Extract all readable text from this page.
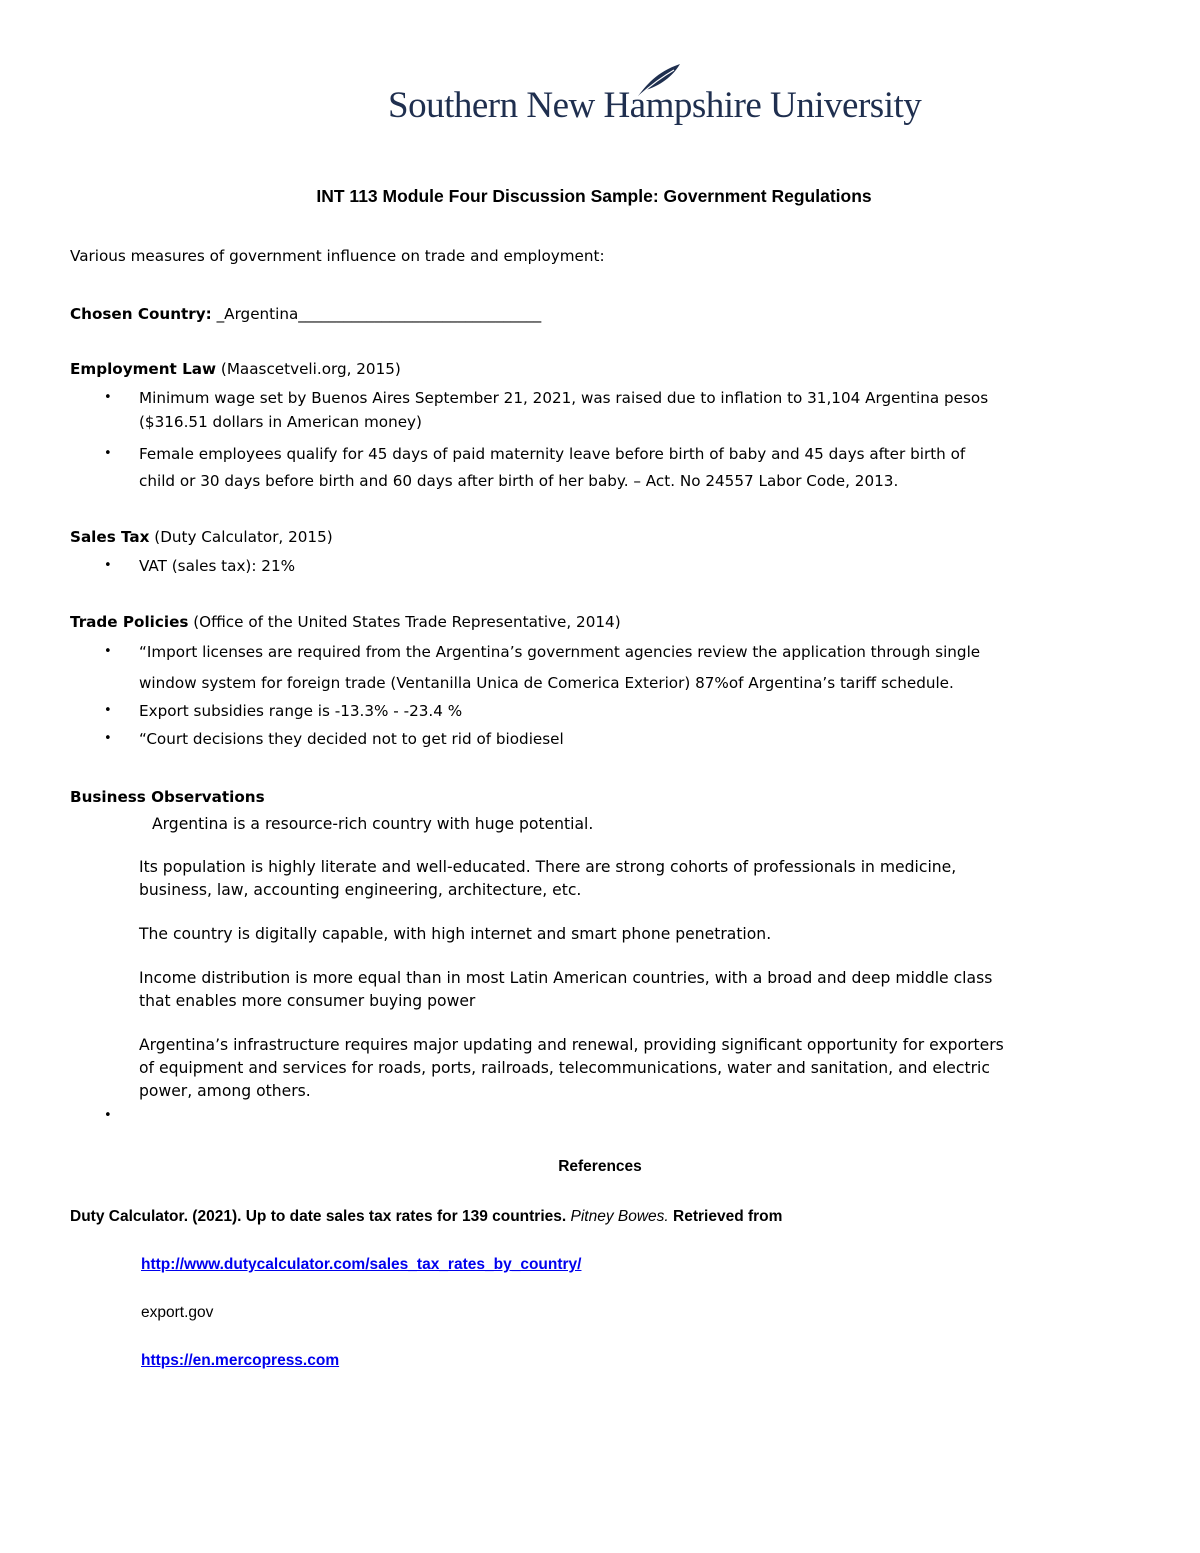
Southern New Hampshire University
INT 113 Module Four Discussion Sample: Government Regulations
Various measures of government influence on trade and employment:
Chosen Country: _Argentina________________________________
Employment Law (Maascetveli.org, 2015)
• Minimum wage set by Buenos Aires September 21, 2021, was raised due to inflation to 31,104 Argentina pesos
($316.51 dollars in American money)
• Female employees qualify for 45 days of paid maternity leave before birth of baby and 45 days after birth of
child or 30 days before birth and 60 days after birth of her baby. – Act. No 24557 Labor Code, 2013.
Sales Tax (Duty Calculator, 2015)
• VAT (sales tax): 21%
Trade Policies (Office of the United States Trade Representative, 2014)
• “Import licenses are required from the Argentina’s government agencies review the application through single
window system for foreign trade (Ventanilla Unica de Comerica Exterior) 87%of Argentina’s tariff schedule.
• Export subsidies range is -13.3% - -23.4 %
• “Court decisions they decided not to get rid of biodiesel
Business Observations
Argentina is a resource-rich country with huge potential.
Its population is highly literate and well-educated. There are strong cohorts of professionals in medicine,
business, law, accounting engineering, architecture, etc.
The country is digitally capable, with high internet and smart phone penetration.
Income distribution is more equal than in most Latin American countries, with a broad and deep middle class
that enables more consumer buying power
Argentina’s infrastructure requires major updating and renewal, providing significant opportunity for exporters
of equipment and services for roads, ports, railroads, telecommunications, water and sanitation, and electric
power, among others.
•
References
Duty Calculator. (2021). Up to date sales tax rates for 139 countries. Pitney Bowes. Retrieved from
http://www.dutycalculator.com/sales_tax_rates_by_country/
export.gov
https://en.mercopress.com
